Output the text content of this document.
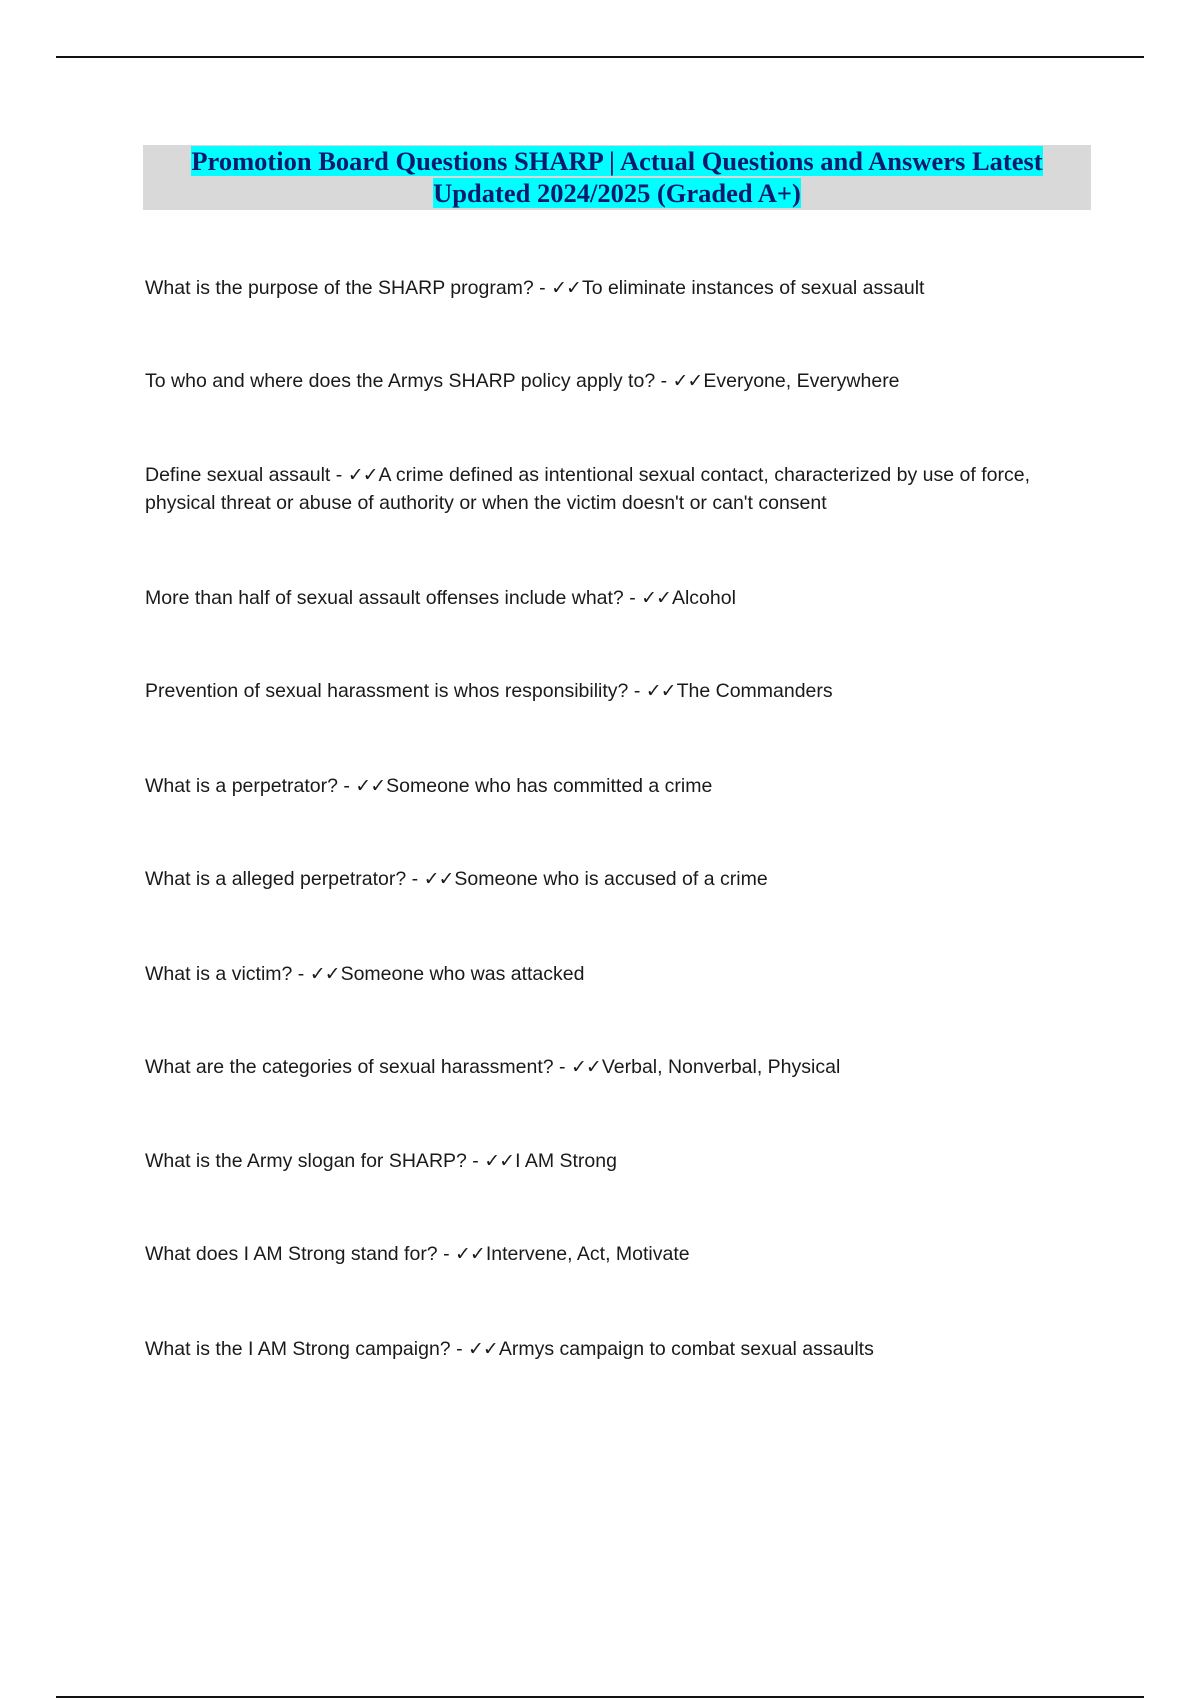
Promotion Board Questions SHARP | Actual Questions and Answers Latest
Updated 2024/2025 (Graded A+)

What is the purpose of the SHARP program? - ✓✓To eliminate instances of sexual assault

To who and where does the Armys SHARP policy apply to? - ✓✓Everyone, Everywhere

Define sexual assault - ✓✓A crime defined as intentional sexual contact, characterized by use of force, physical threat or abuse of authority or when the victim doesn't or can't consent

More than half of sexual assault offenses include what? - ✓✓Alcohol

Prevention of sexual harassment is whos responsibility? - ✓✓The Commanders

What is a perpetrator? - ✓✓Someone who has committed a crime

What is a alleged perpetrator? - ✓✓Someone who is accused of a crime

What is a victim? - ✓✓Someone who was attacked

What are the categories of sexual harassment? - ✓✓Verbal, Nonverbal, Physical

What is the Army slogan for SHARP? - ✓✓I AM Strong

What does I AM Strong stand for? - ✓✓Intervene, Act, Motivate

What is the I AM Strong campaign? - ✓✓Armys campaign to combat sexual assaults
